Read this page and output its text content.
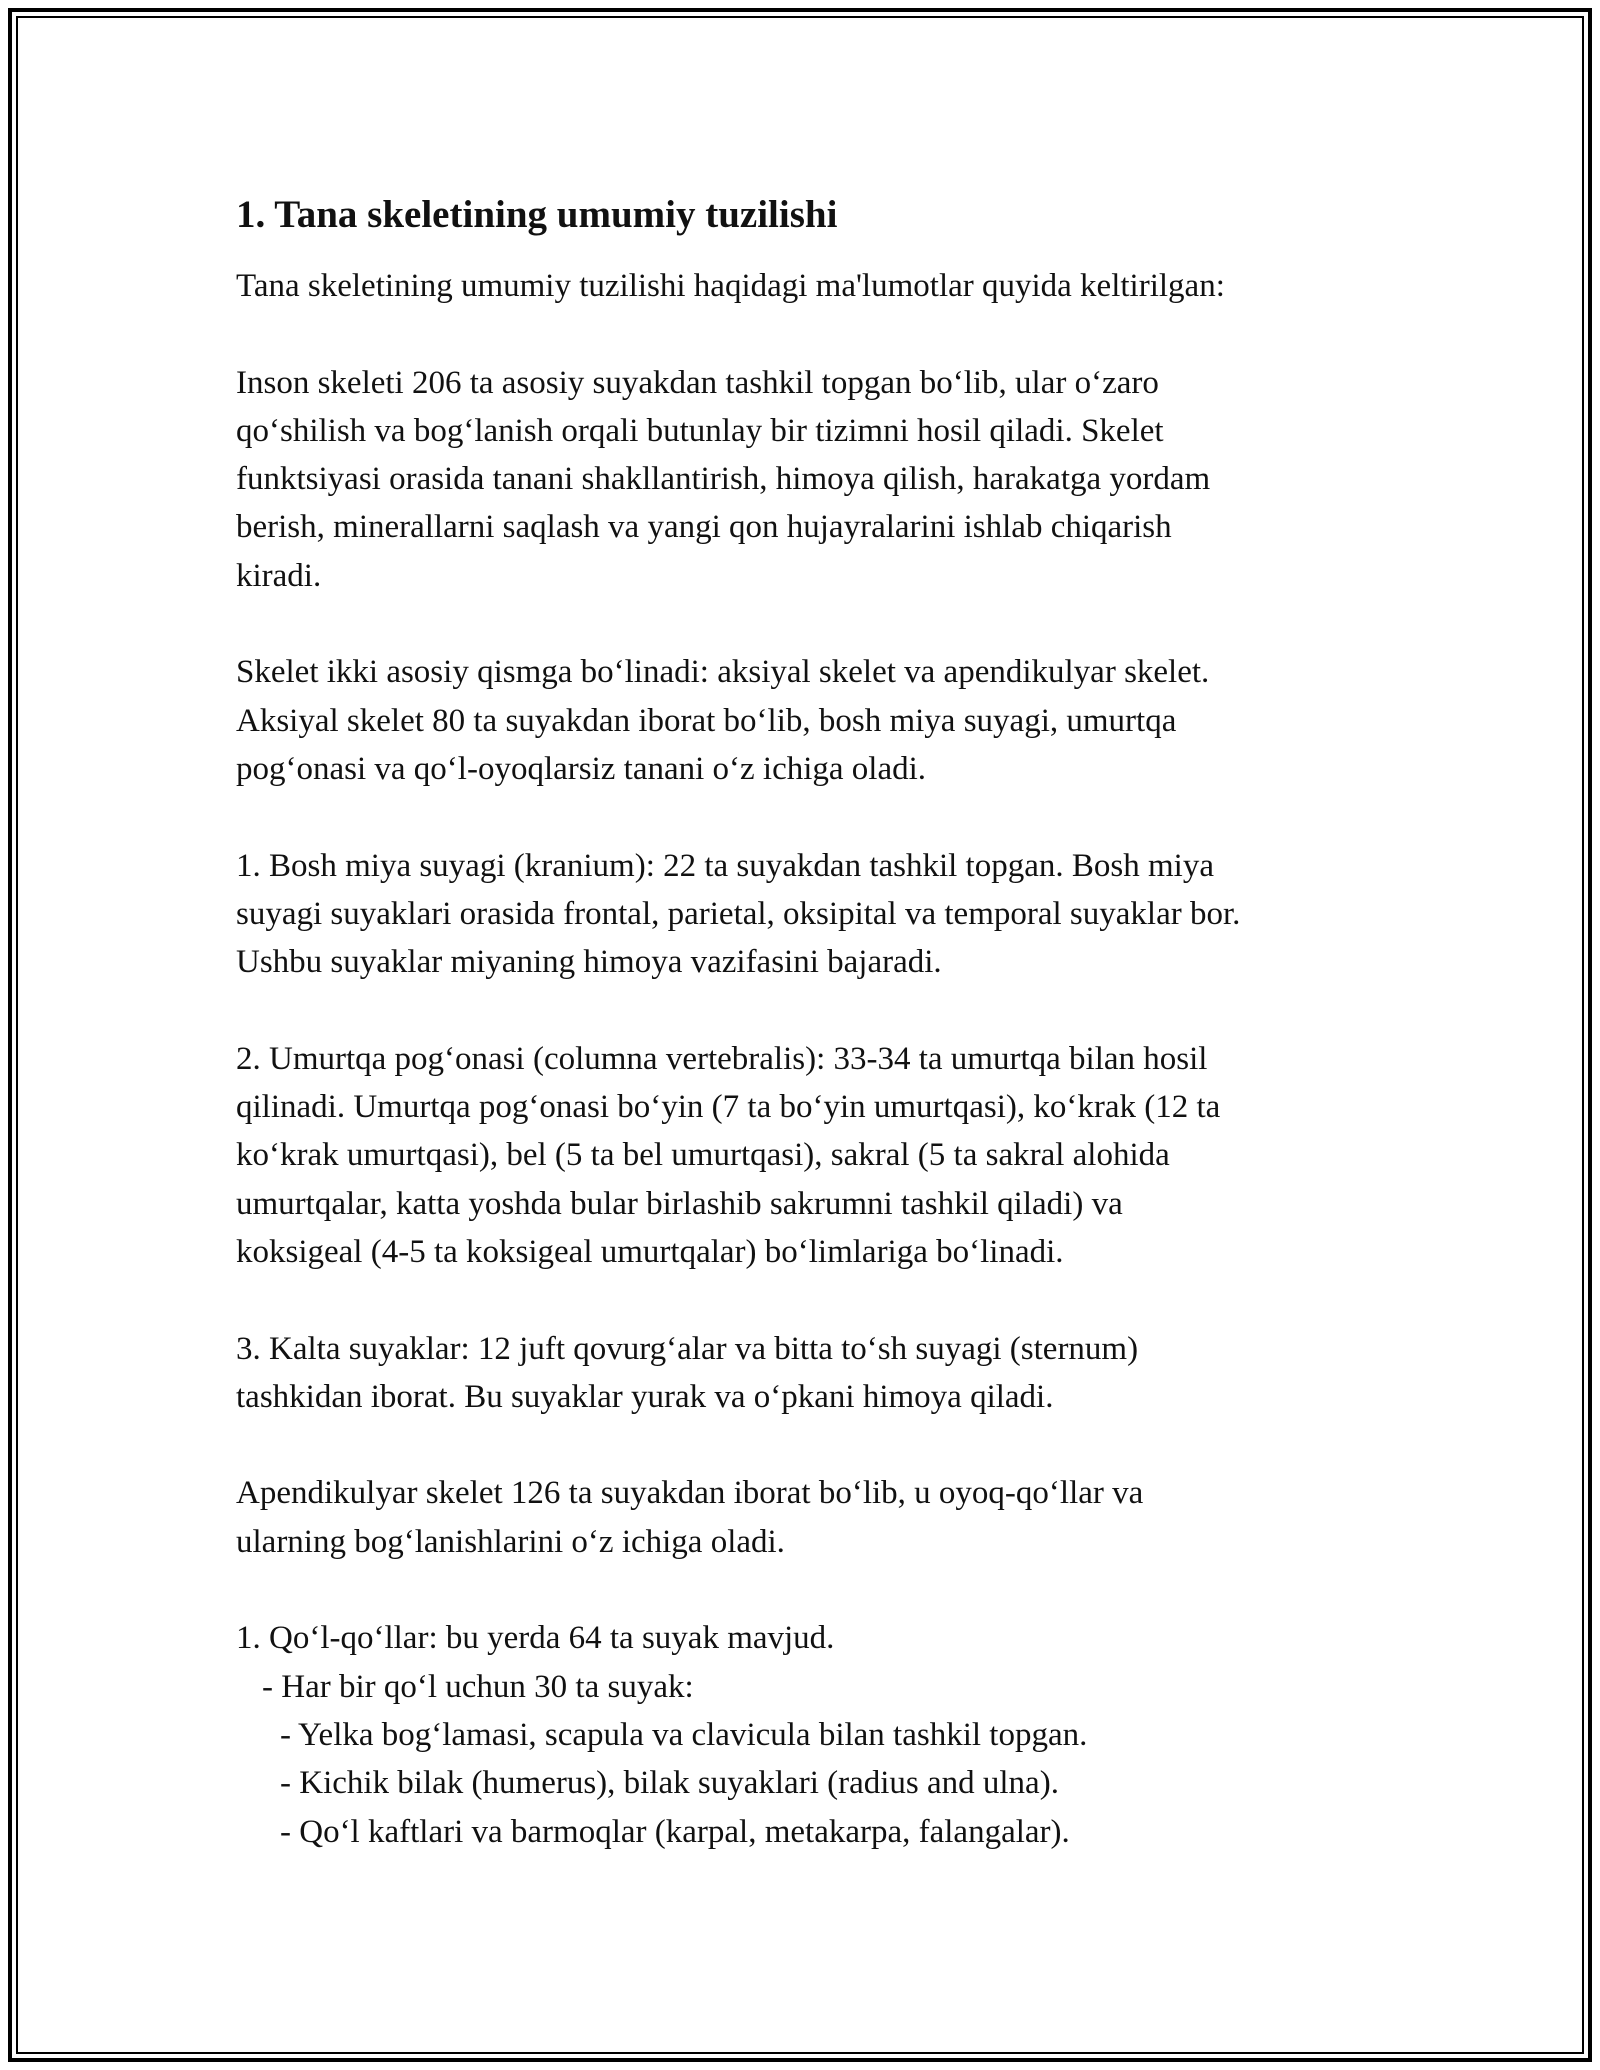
1. Tana skeletining umumiy tuzilishi

Tana skeletining umumiy tuzilishi haqidagi ma'lumotlar quyida keltirilgan:

Inson skeleti 206 ta asosiy suyakdan tashkil topgan bo‘lib, ular o‘zaro

qo‘shilish va bog‘lanish orqali butunlay bir tizimni hosil qiladi. Skelet

funktsiyasi orasida tanani shakllantirish, himoya qilish, harakatga yordam

berish, minerallarni saqlash va yangi qon hujayralarini ishlab chiqarish

kiradi.

Skelet ikki asosiy qismga bo‘linadi: aksiyal skelet va apendikulyar skelet.

Aksiyal skelet 80 ta suyakdan iborat bo‘lib, bosh miya suyagi, umurtqa

pog‘onasi va qo‘l-oyoqlarsiz tanani o‘z ichiga oladi.

1. Bosh miya suyagi (kranium): 22 ta suyakdan tashkil topgan. Bosh miya

suyagi suyaklari orasida frontal, parietal, oksipital va temporal suyaklar bor.

Ushbu suyaklar miyaning himoya vazifasini bajaradi.

2. Umurtqa pog‘onasi (columna vertebralis): 33-34 ta umurtqa bilan hosil

qilinadi. Umurtqa pog‘onasi bo‘yin (7 ta bo‘yin umurtqasi), ko‘krak (12 ta

ko‘krak umurtqasi), bel (5 ta bel umurtqasi), sakral (5 ta sakral alohida

umurtqalar, katta yoshda bular birlashib sakrumni tashkil qiladi) va

koksigeal (4-5 ta koksigeal umurtqalar) bo‘limlariga bo‘linadi.

3. Kalta suyaklar: 12 juft qovurg‘alar va bitta to‘sh suyagi (sternum)

tashkidan iborat. Bu suyaklar yurak va o‘pkani himoya qiladi.

Apendikulyar skelet 126 ta suyakdan iborat bo‘lib, u oyoq-qo‘llar va

ularning bog‘lanishlarini o‘z ichiga oladi.

1. Qo‘l-qo‘llar: bu yerda 64 ta suyak mavjud.

- Har bir qo‘l uchun 30 ta suyak:

- Yelka bog‘lamasi, scapula va clavicula bilan tashkil topgan.

- Kichik bilak (humerus), bilak suyaklari (radius and ulna).

- Qo‘l kaftlari va barmoqlar (karpal, metakarpa, falangalar).
